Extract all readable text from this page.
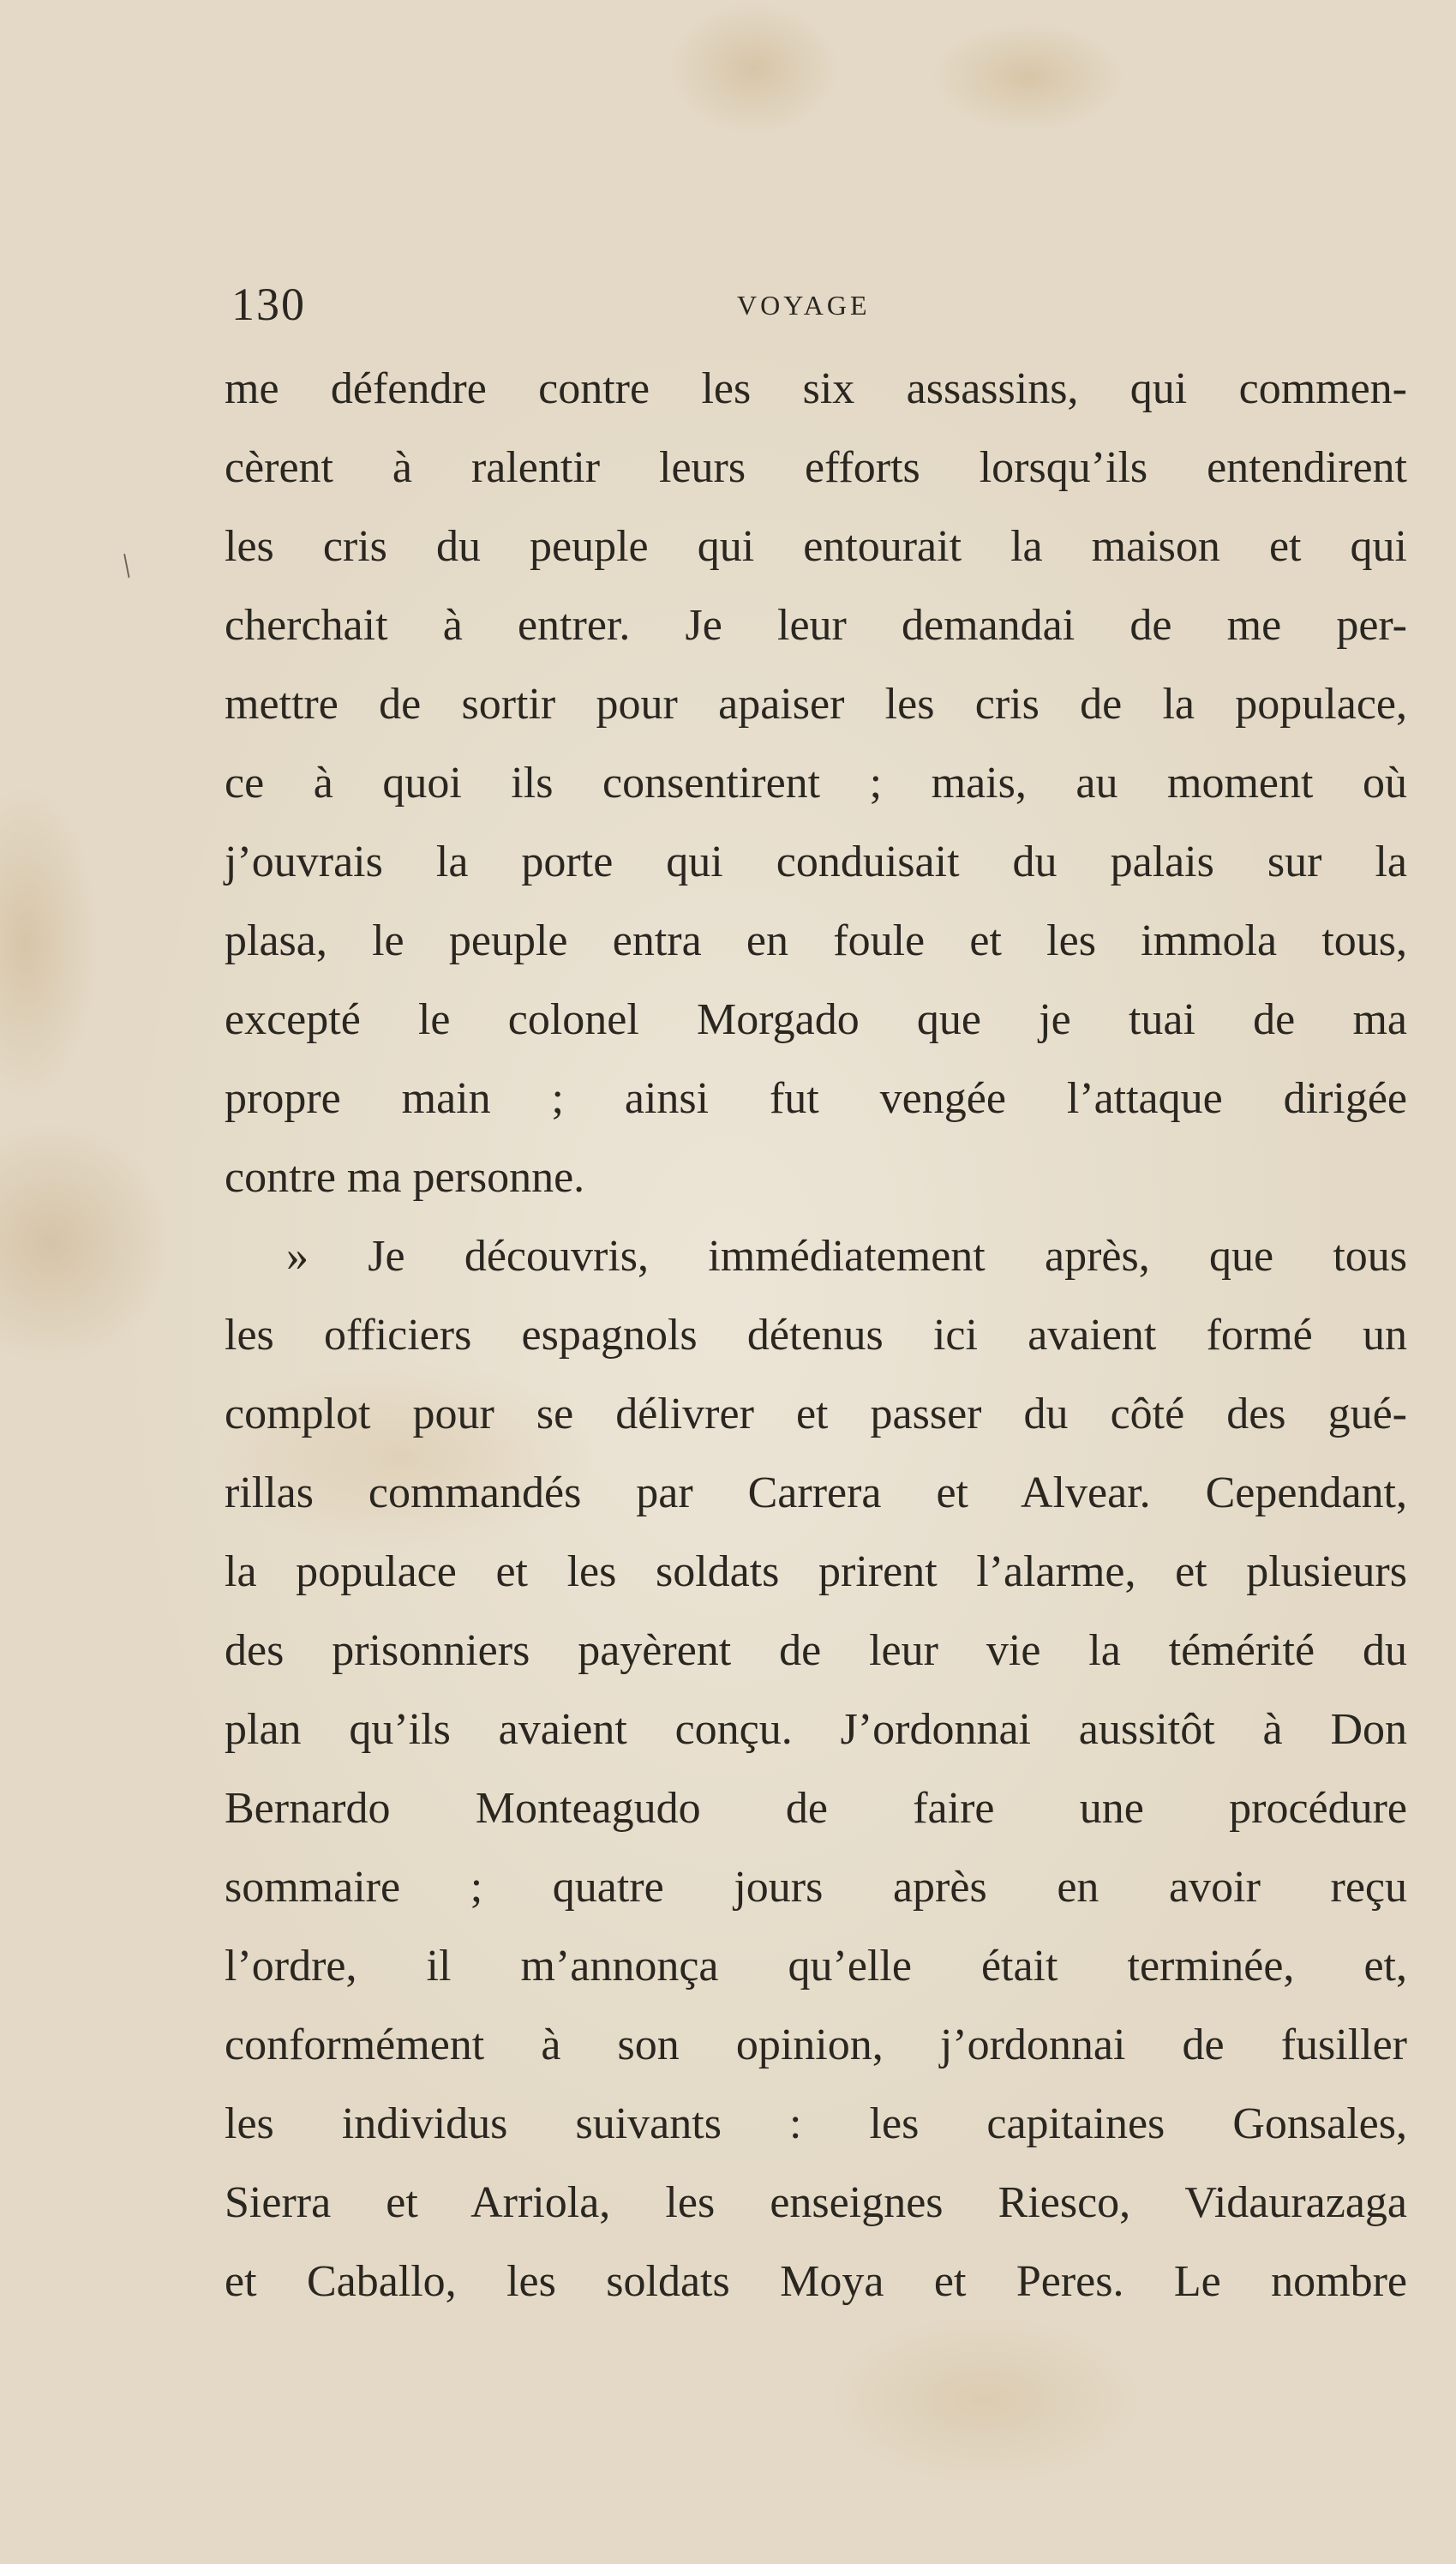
130	VOYAGE
/
me défendre contre les six assassins, qui commen-
cèrent à ralentir leurs efforts lorsqu’ils entendirent
les cris du peuple qui entourait la maison et qui
cherchait à entrer. Je leur demandai de me per-
mettre de sortir pour apaiser les cris de la populace,
ce à quoi ils consentirent ; mais, au moment où
j’ouvrais la porte qui conduisait du palais sur la
plasa, le peuple entra en foule et les immola tous,
excepté le colonel Morgado que je tuai de ma
propre main ; ainsi fut vengée l’attaque dirigée
contre ma personne.
» Je découvris, immédiatement après, que tous
les officiers espagnols détenus ici avaient formé un
complot pour se délivrer et passer du côté des gué-
rillas commandés par Carrera et Alvear. Cependant,
la populace et les soldats prirent l’alarme, et plusieurs
des prisonniers payèrent de leur vie la témérité du
plan qu’ils avaient conçu. J’ordonnai aussitôt à Don
Bernardo Monteagudo de faire une procédure
sommaire ; quatre jours après en avoir reçu
l’ordre, il m’annonça qu’elle était terminée, et,
conformément à son opinion, j’ordonnai de fusiller
les individus suivants : les capitaines Gonsales,
Sierra et Arriola, les enseignes Riesco, Vidaurazaga
et Caballo, les soldats Moya et Peres. Le nombre
